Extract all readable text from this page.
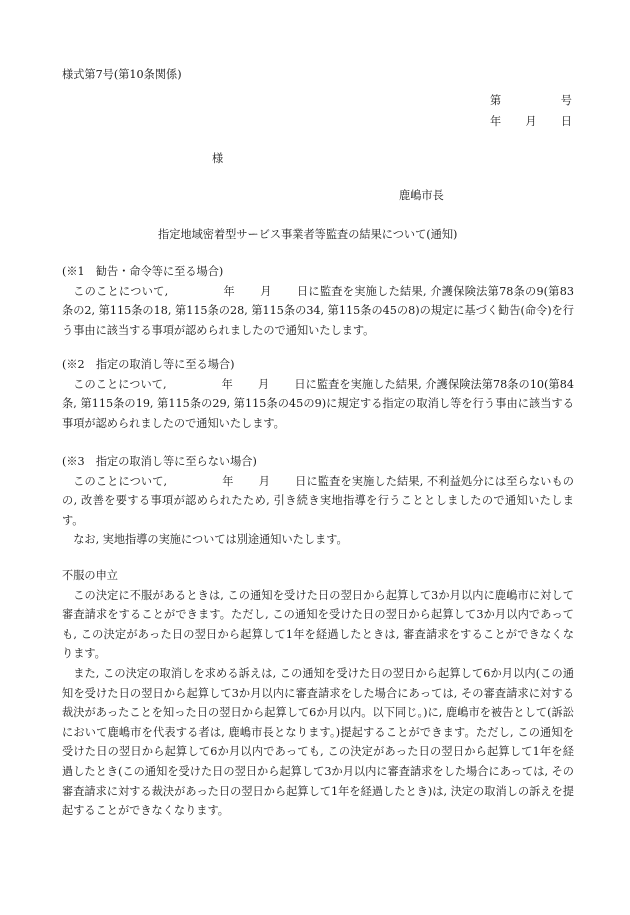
様式第7号(第10条関係)
第	号
年 月 日
様
鹿嶋市長
指定地域密着型サービス事業者等監査の結果について(通知)

(※1　勧告・命令等に至る場合)

このことについて,	年 月 日に監査を実施した結果, 介護保険法第78条の9(第83条の2, 第115条の18, 第115条の28, 第115条の34, 第115条の45の8)の規定に基づく勧告(命令)を行う事由に該当する事項が認められましたので通知いたします。

(※2　指定の取消し等に至る場合)

このことについて,	年 月 日に監査を実施した結果, 介護保険法第78条の10(第84条, 第115条の19, 第115条の29, 第115条の45の9)に規定する指定の取消し等を行う事由に該当する事項が認められましたので通知いたします。

(※3　指定の取消し等に至らない場合)

このことについて,	年 月 日に監査を実施した結果, 不利益処分には至らないものの, 改善を要する事項が認められたため, 引き続き実地指導を行うこととしましたので通知いたします。

なお, 実地指導の実施については別途通知いたします。

不服の申立

この決定に不服があるときは, この通知を受けた日の翌日から起算して3か月以内に鹿嶋市に対して審査請求をすることができます。ただし, この通知を受けた日の翌日から起算して3か月以内であっても, この決定があった日の翌日から起算して1年を経過したときは, 審査請求をすることができなくなります。

また, この決定の取消しを求める訴えは, この通知を受けた日の翌日から起算して6か月以内(この通知を受けた日の翌日から起算して3か月以内に審査請求をした場合にあっては, その審査請求に対する裁決があったことを知った日の翌日から起算して6か月以内。以下同じ。)に, 鹿嶋市を被告として(訴訟において鹿嶋市を代表する者は, 鹿嶋市長となります。)提起することができます。ただし, この通知を受けた日の翌日から起算して6か月以内であっても, この決定があった日の翌日から起算して1年を経過したとき(この通知を受けた日の翌日から起算して3か月以内に審査請求をした場合にあっては, その審査請求に対する裁決があった日の翌日から起算して1年を経過したとき)は, 決定の取消しの訴えを提起することができなくなります。
